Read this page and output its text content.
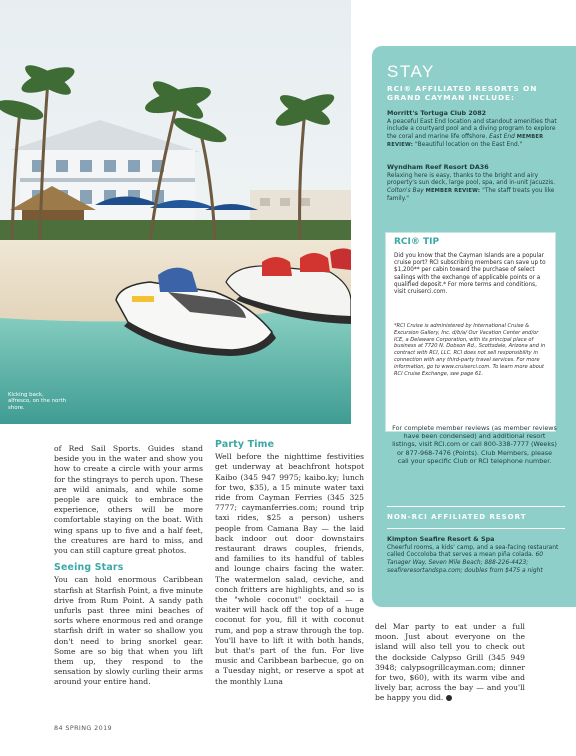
Kicking back, alfresco, on the north shore.

of Red Sail Sports. Guides stand beside you in the water and show you how to create a circle with your arms for the stingrays to perch upon. These are wild animals, and while some people are quick to embrace the experience, others will be more comfortable staying on the boat. With wing spans up to five and a half feet, the creatures are hard to miss, and you can still capture great photos.

Seeing Stars

You can hold enormous Caribbean starfish at Starfish Point, a five minute drive from Rum Point. A sandy path unfurls past three mini beaches of sorts where enormous red and orange starfish drift in water so shallow you don't need to bring snorkel gear. Some are so big that when you lift them up, they respond to the sensation by slowly curling their arms around your entire hand.

Party Time

Well before the nighttime festivities get underway at beachfront hotspot Kaibo (345 947 9975; kaibo.ky; lunch for two, $35), a 15 minute water taxi ride from Cayman Ferries (345 325 7777; caymanferries.com; round trip taxi rides, $25 a person) ushers people from Camana Bay — the laid back indoor out door downstairs restaurant draws couples, friends, and families to its handful of tables and lounge chairs facing the water. The watermelon salad, ceviche, and conch fritters are highlights, and so is the "whole coconut" cocktail — a waiter will hack off the top of a huge coconut for you, fill it with coconut rum, and pop a straw through the top. You'll have to lift it with both hands, but that's part of the fun. For live music and Caribbean barbecue, go on a Tuesday night, or reserve a spot at the monthly Luna

del Mar party to eat under a full moon. Just about everyone on the island will also tell you to check out the dockside Calypso Grill (345 949 3948; calypsogrillcayman.com; dinner for two, $60), with its warm vibe and lively bar, across the bay — and you'll be happy you did.

84 SPRING 2019
STAY
RCI® AFFILIATED RESORTS ON GRAND CAYMAN INCLUDE:
Morritt's Tortuga Club 2082
A peaceful East End location and standout amenities that include a courtyard pool and a diving program to explore the coral and marine life offshore. East End MEMBER REVIEW: "Beautiful location on the East End."
Wyndham Reef Resort DA36
Relaxing here is easy, thanks to the bright and airy property's sun deck, large pool, spa, and in-unit Jacuzzis. Colton's Bay MEMBER REVIEW: "The staff treats you like family."
RCI® TIP
Did you know that the Cayman Islands are a popular cruise port? RCI subscribing members can save up to $1,200** per cabin toward the purchase of select sailings with the exchange of applicable points or a qualified deposit.* For more terms and conditions, visit cruiserci.com.
*RCI Cruise is administered by International Cruise & Excursion Gallery, Inc. d/b/a/ Our Vacation Center and/or ICE, a Delaware Corporation, with its principal place of business at 7720 N. Dobson Rd., Scottsdale, Arizona and in contract with RCI, LLC. RCI does not sell responsibility in connection with any third-party travel services. For more information, go to www.cruiserci.com. To learn more about RCI Cruise Exchange, see page 61.
For complete member reviews (as member reviews have been condensed) and additional resort listings, visit RCI.com or call 800-338-7777 (Weeks) or 877-968-7476 (Points). Club Members, please call your specific Club or RCI telephone number.
NON-RCI AFFILIATED RESORT
Kimpton Seafire Resort & Spa
Cheerful rooms, a kids' camp, and a sea-facing restaurant called Coccoloba that serves a mean piña colada. 60 Tanager Way, Seven Mile Beach; 888-226-4423; seafireresortandspa.com; doubles from $475 a night
